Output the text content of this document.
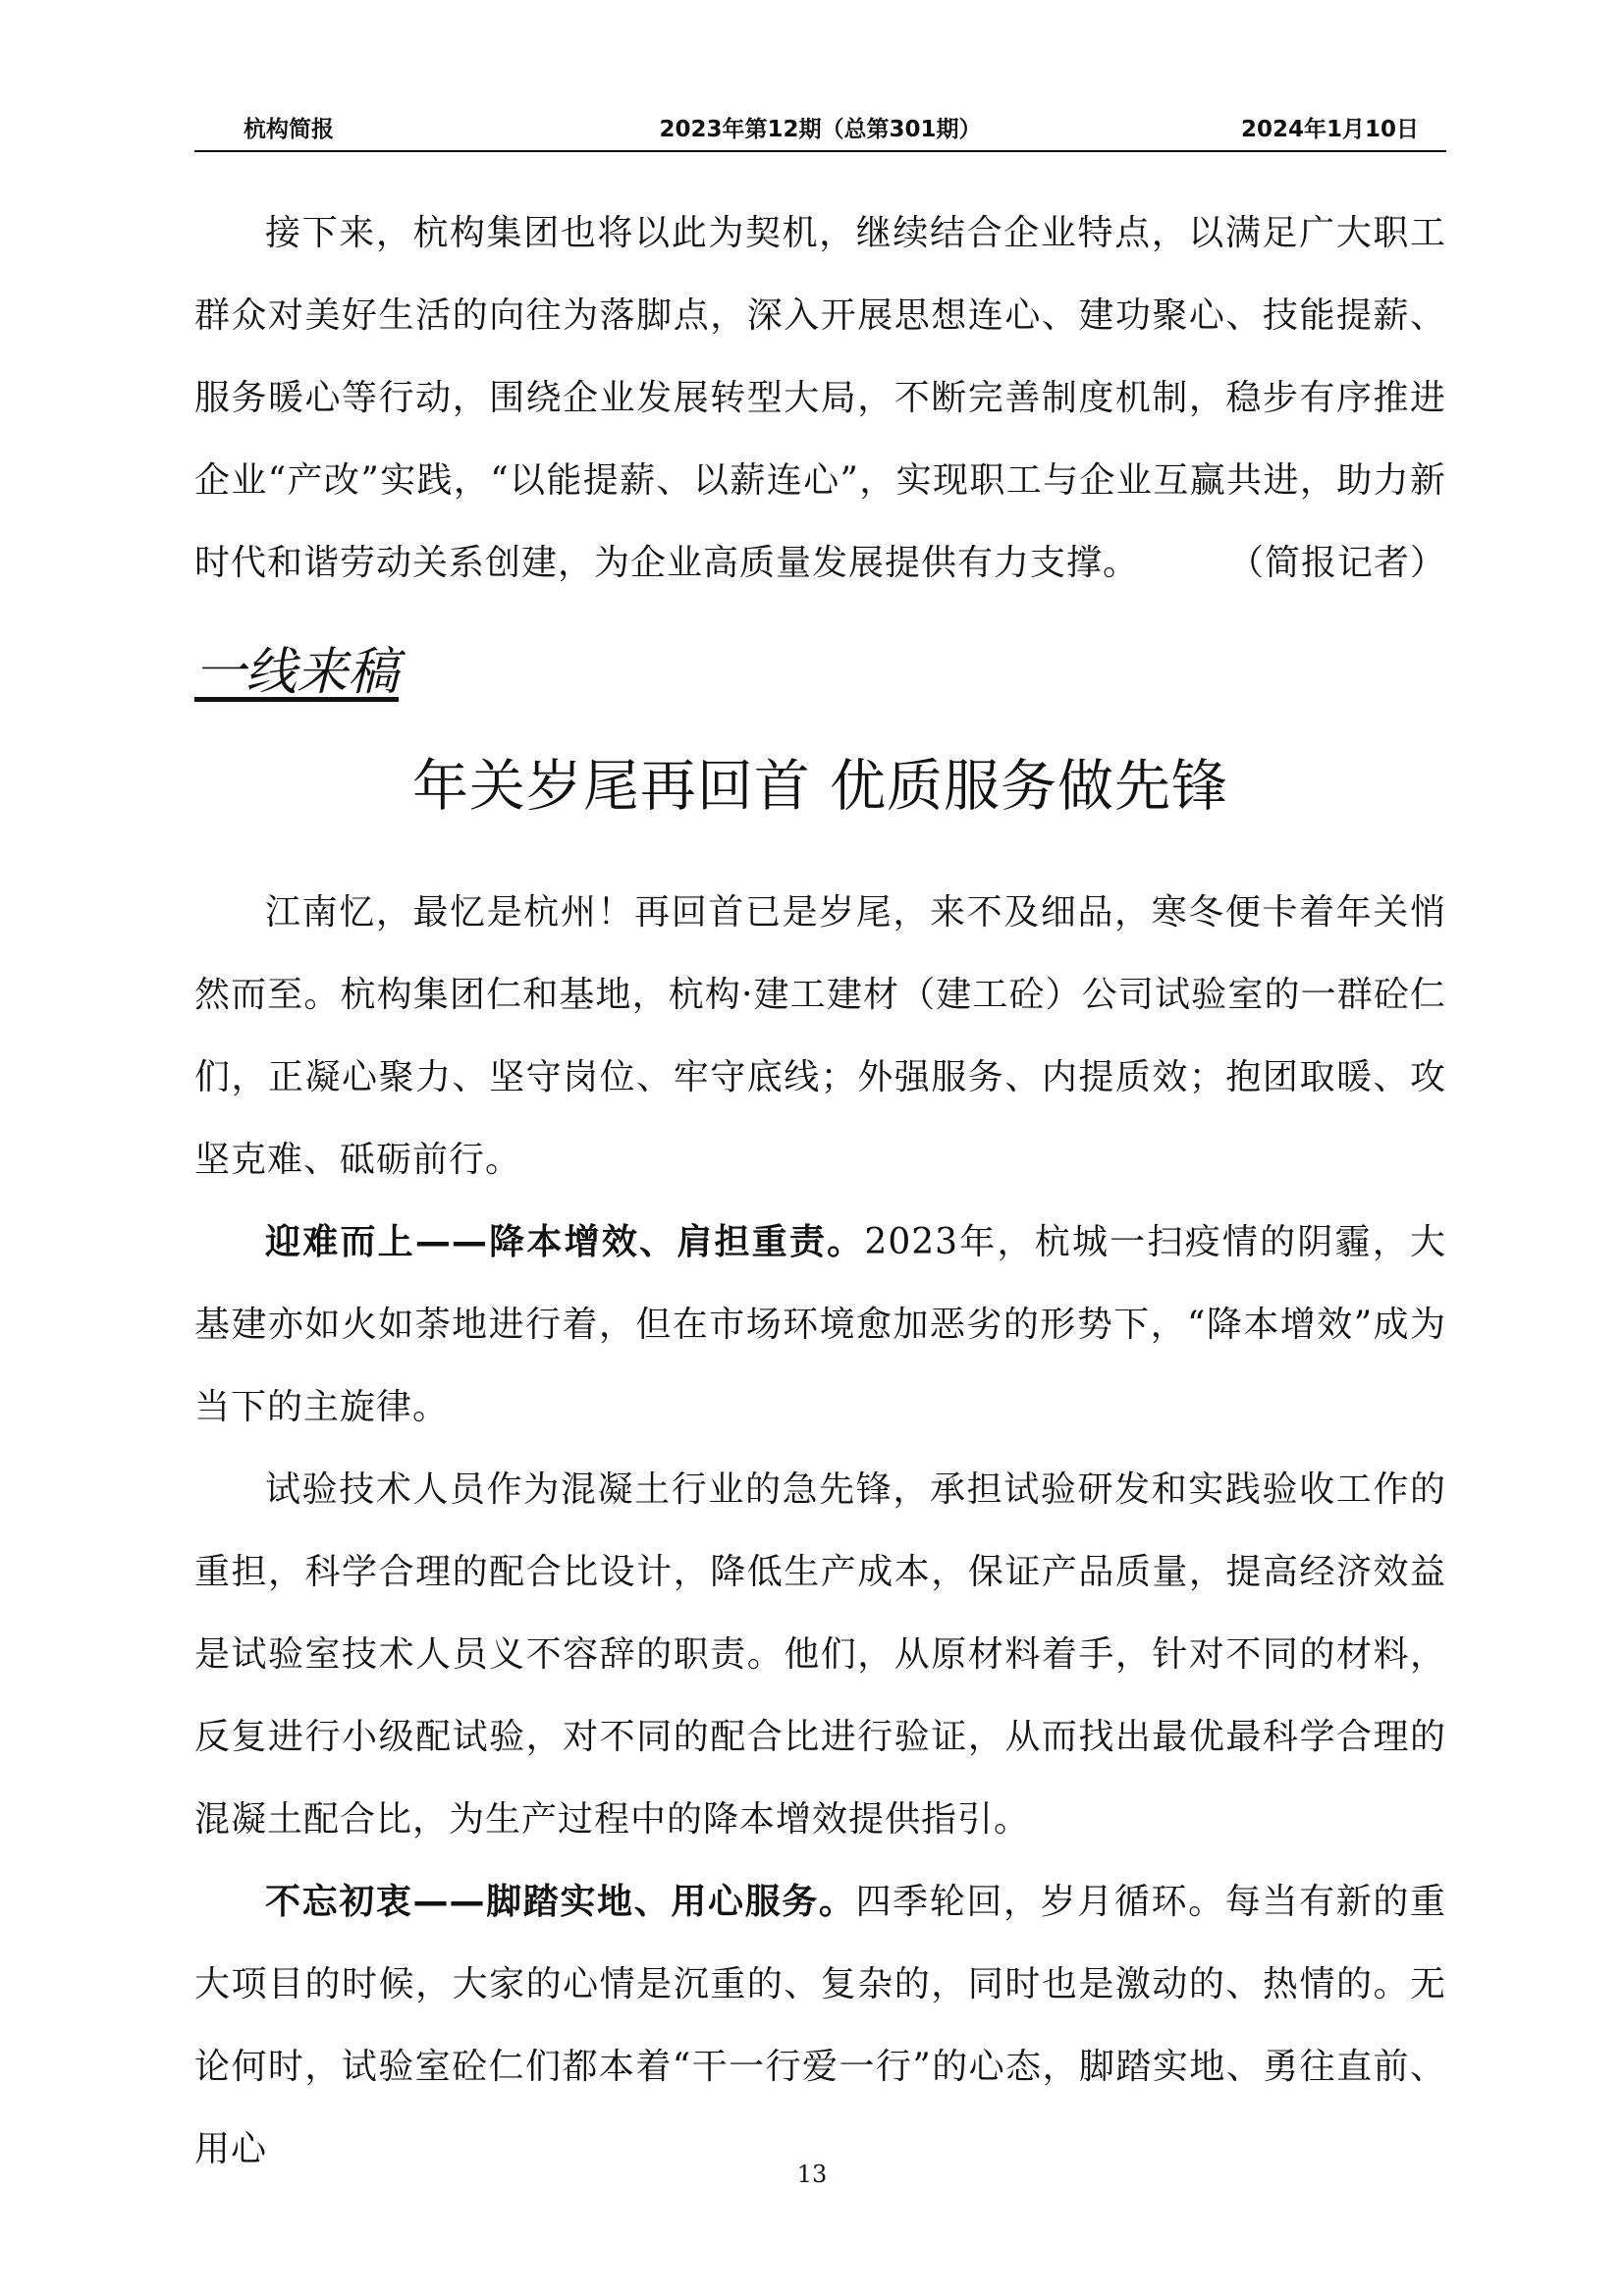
杭构简报	2023年第12期（总第301期）	2024年1月10日

接下来，杭构集团也将以此为契机，继续结合企业特点，以满足广大职工群众对美好生活的向往为落脚点，深入开展思想连心、建功聚心、技能提薪、服务暖心等行动，围绕企业发展转型大局，不断完善制度机制，稳步有序推进企业“产改”实践，“以能提薪、以薪连心”，实现职工与企业互赢共进，助力新时代和谐劳动关系创建，为企业高质量发展提供有力支撑。	（简报记者）

一线来稿
年关岁尾再回首 优质服务做先锋

江南忆，最忆是杭州！再回首已是岁尾，来不及细品，寒冬便卡着年关悄然而至。杭构集团仁和基地，杭构·建工建材（建工砼）公司试验室的一群砼仁们，正凝心聚力、坚守岗位、牢守底线；外强服务、内提质效；抱团取暖、攻坚克难、砥砺前行。

迎难而上——降本增效、肩担重责。2023年，杭城一扫疫情的阴霾，大基建亦如火如荼地进行着，但在市场环境愈加恶劣的形势下，“降本增效”成为当下的主旋律。

试验技术人员作为混凝土行业的急先锋，承担试验研发和实践验收工作的重担，科学合理的配合比设计，降低生产成本，保证产品质量，提高经济效益是试验室技术人员义不容辞的职责。他们，从原材料着手，针对不同的材料，反复进行小级配试验，对不同的配合比进行验证，从而找出最优最科学合理的混凝土配合比，为生产过程中的降本增效提供指引。

不忘初衷——脚踏实地、用心服务。四季轮回，岁月循环。每当有新的重大项目的时候，大家的心情是沉重的、复杂的，同时也是激动的、热情的。无论何时，试验室砼仁们都本着“干一行爱一行”的心态，脚踏实地、勇往直前、用心

13
